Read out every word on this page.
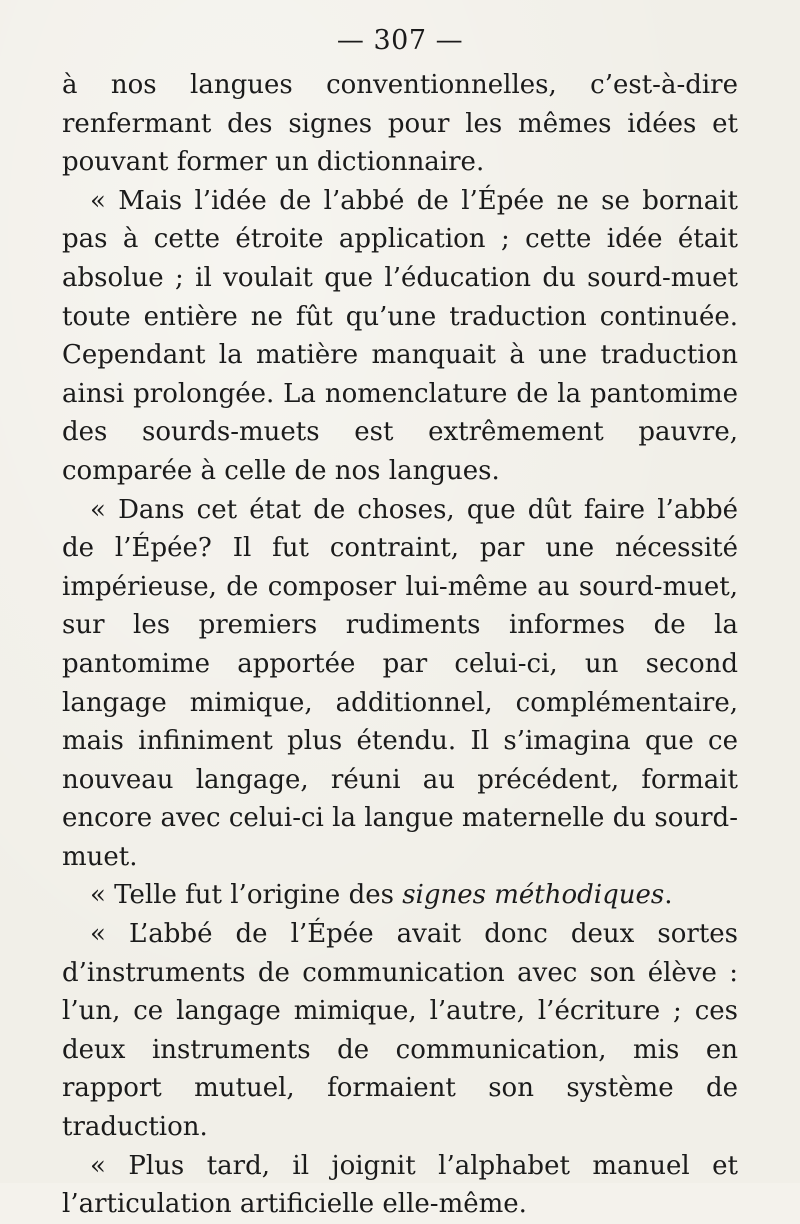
— 307 —

à nos langues conventionnelles, c’est-à-dire renfermant des signes pour les mêmes idées et pouvant former un dictionnaire.

« Mais l’idée de l’abbé de l’Épée ne se bornait pas à cette étroite application ; cette idée était absolue ; il voulait que l’éducation du sourd-muet toute entière ne fût qu’une traduction continuée. Cependant la matière manquait à une traduction ainsi prolongée. La nomenclature de la pantomime des sourds-muets est extrêmement pauvre, comparée à celle de nos langues.

« Dans cet état de choses, que dût faire l’abbé de l’Épée? Il fut contraint, par une nécessité impérieuse, de composer lui-même au sourd-muet, sur les premiers rudiments informes de la pantomime apportée par celui-ci, un second langage mimique, additionnel, complémentaire, mais infiniment plus étendu. Il s’imagina que ce nouveau langage, réuni au précédent, formait encore avec celui-ci la langue maternelle du sourd-muet.

« Telle fut l’origine des signes méthodiques.

« L’abbé de l’Épée avait donc deux sortes d’instruments de communication avec son élève : l’un, ce langage mimique, l’autre, l’écriture ; ces deux instruments de communication, mis en rapport mutuel, formaient son système de traduction.

« Plus tard, il joignit l’alphabet manuel et l’articulation artificielle elle-même.
